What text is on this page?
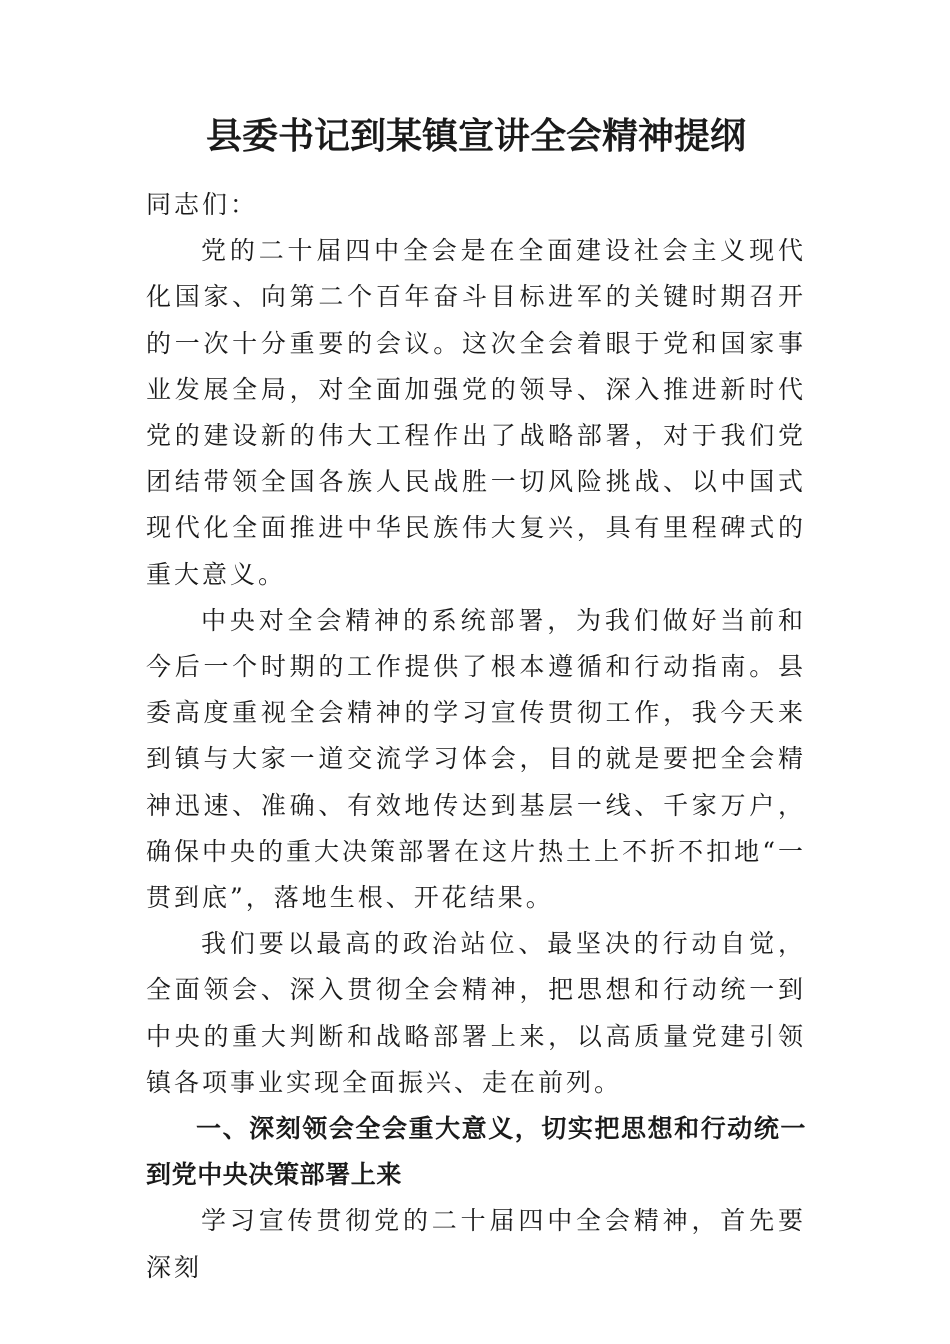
县委书记到某镇宣讲全会精神提纲

同志们：

党的二十届四中全会是在全面建设社会主义现代化国家、向第二个百年奋斗目标进军的关键时期召开的一次十分重要的会议。这次全会着眼于党和国家事业发展全局，对全面加强党的领导、深入推进新时代党的建设新的伟大工程作出了战略部署，对于我们党团结带领全国各族人民战胜一切风险挑战、以中国式现代化全面推进中华民族伟大复兴，具有里程碑式的重大意义。

中央对全会精神的系统部署，为我们做好当前和今后一个时期的工作提供了根本遵循和行动指南。县委高度重视全会精神的学习宣传贯彻工作，我今天来到镇与大家一道交流学习体会，目的就是要把全会精神迅速、准确、有效地传达到基层一线、千家万户，确保中央的重大决策部署在这片热土上不折不扣地“一贯到底”，落地生根、开花结果。

我们要以最高的政治站位、最坚决的行动自觉，全面领会、深入贯彻全会精神，把思想和行动统一到中央的重大判断和战略部署上来，以高质量党建引领镇各项事业实现全面振兴、走在前列。

一、深刻领会全会重大意义，切实把思想和行动统一到党中央决策部署上来

学习宣传贯彻党的二十届四中全会精神，首先要深刻
